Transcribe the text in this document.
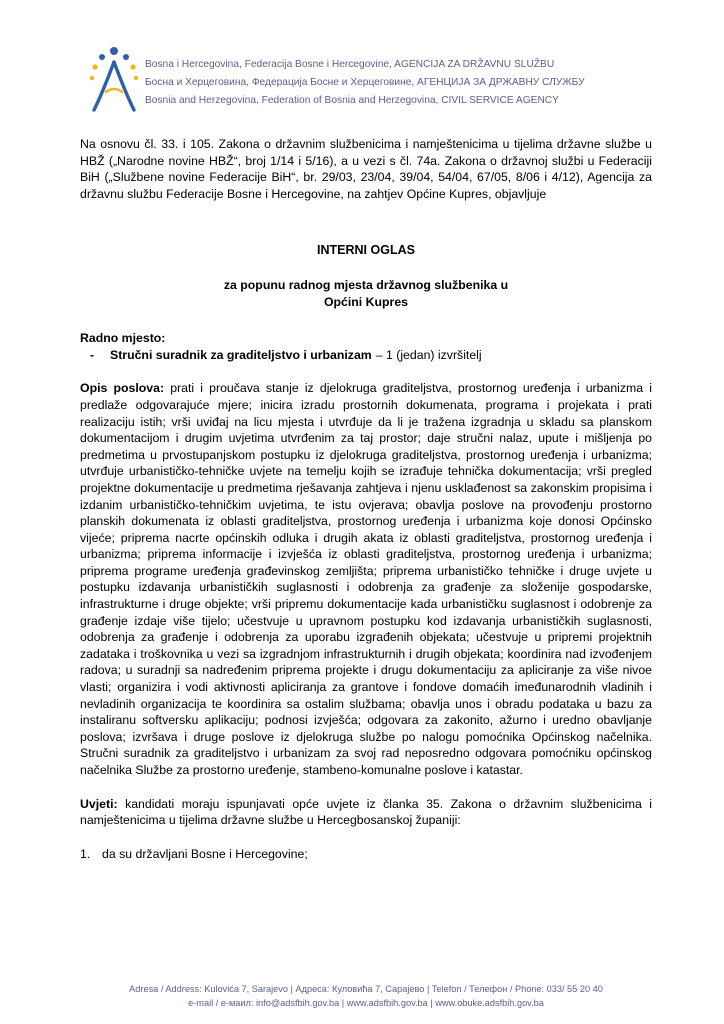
Bosna i Hercegovina, Federacija Bosne i Hercegovine, AGENCIJA ZA DRŽAVNU SLUŽBU
Босна и Херцеговина, Федерација Босне и Херцеговине, АГЕНЦИЈА ЗА ДРЖАВНУ СЛУЖБУ
Bosnia and Herzegovina, Federation of Bosnia and Herzegovina, CIVIL SERVICE AGENCY

Na osnovu čl. 33. i 105. Zakona o državnim službenicima i namještenicima u tijelima državne službe u HBŽ („Narodne novine HBŽ“, broj 1/14 i 5/16), a u vezi s čl. 74a. Zakona o državnoj službi u Federaciji BiH („Službene novine Federacije BiH“, br. 29/03, 23/04, 39/04, 54/04, 67/05, 8/06 i 4/12), Agencija za državnu službu Federacije Bosne i Hercegovine, na zahtjev Općine Kupres, objavljuje

INTERNI OGLAS
za popunu radnog mjesta državnog službenika u
Općini Kupres
Radno mjesto:
-	Stručni suradnik za graditeljstvo i urbanizam – 1 (jedan) izvršitelj

Opis poslova: prati i proučava stanje iz djelokruga graditeljstva, prostornog uređenja i urbanizma i predlaže odgovarajuće mjere; inicira izradu prostornih dokumenata, programa i projekata i prati realizaciju istih; vrši uviđaj na licu mjesta i utvrđuje da li je tražena izgradnja u skladu sa planskom dokumentacijom i drugim uvjetima utvrđenim za taj prostor; daje stručni nalaz, upute i mišljenja po predmetima u prvostupanjskom postupku iz djelokruga graditeljstva, prostornog uređenja i urbanizma; utvrđuje urbanističko-tehničke uvjete na temelju kojih se izrađuje tehnička dokumentacija; vrši pregled projektne dokumentacije u predmetima rješavanja zahtjeva i njenu usklađenost sa zakonskim propisima i izdanim urbanističko-tehničkim uvjetima, te istu ovjerava; obavlja poslove na provođenju prostorno planskih dokumenata iz oblasti graditeljstva, prostornog uređenja i urbanizma koje donosi Općinsko vijeće; priprema nacrte općinskih odluka i drugih akata iz oblasti graditeljstva, prostornog uređenja i urbanizma; priprema informacije i izvješća iz oblasti graditeljstva, prostornog uređenja i urbanizma; priprema programe uređenja građevinskog zemljišta; priprema urbanističko tehničke i druge uvjete u postupku izdavanja urbanističkih suglasnosti i odobrenja za građenje za složenije gospodarske, infrastrukturne i druge objekte; vrši pripremu dokumentacije kada urbanističku suglasnost i odobrenje za građenje izdaje više tijelo; učestvuje u upravnom postupku kod izdavanja urbanističkih suglasnosti, odobrenja za građenje i odobrenja za uporabu izgrađenih objekata; učestvuje u pripremi projektnih zadataka i troškovnika u vezi sa izgradnjom infrastrukturnih i drugih objekata; koordinira nad izvođenjem radova; u suradnji sa nadređenim priprema projekte i drugu dokumentaciju za apliciranje za više nivoe vlasti; organizira i vodi aktivnosti apliciranja za grantove i fondove domaćih imeđunarodnih vladinih i nevladinih organizacija te koordinira sa ostalim službama; obavlja unos i obradu podataka u bazu za instaliranu softversku aplikaciju; podnosi izvješća; odgovara za zakonito, ažurno i uredno obavljanje poslova; izvršava i druge poslove iz djelokruga službe po nalogu pomoćnika Općinskog načelnika. Stručni suradnik za graditeljstvo i urbanizam za svoj rad neposredno odgovara pomoćniku općinskog načelnika Službe za prostorno uređenje, stambeno-komunalne poslove i katastar.

Uvjeti: kandidati moraju ispunjavati opće uvjete iz članka 35. Zakona o državnim službenicima i namještenicima u tijelima državne službe u Hercegbosanskoj županiji:

1. da su državljani Bosne i Hercegovine;
Adresa / Address: Kulovića 7, Sarajevo | Адреса: Куловића 7, Сарајево | Telefon / Телефон / Phone: 033/ 55 20 40
e-mail / е-маил: info@adsfbih.gov.ba | www.adsfbih.gov.ba | www.obuke.adsfbih.gov.ba
